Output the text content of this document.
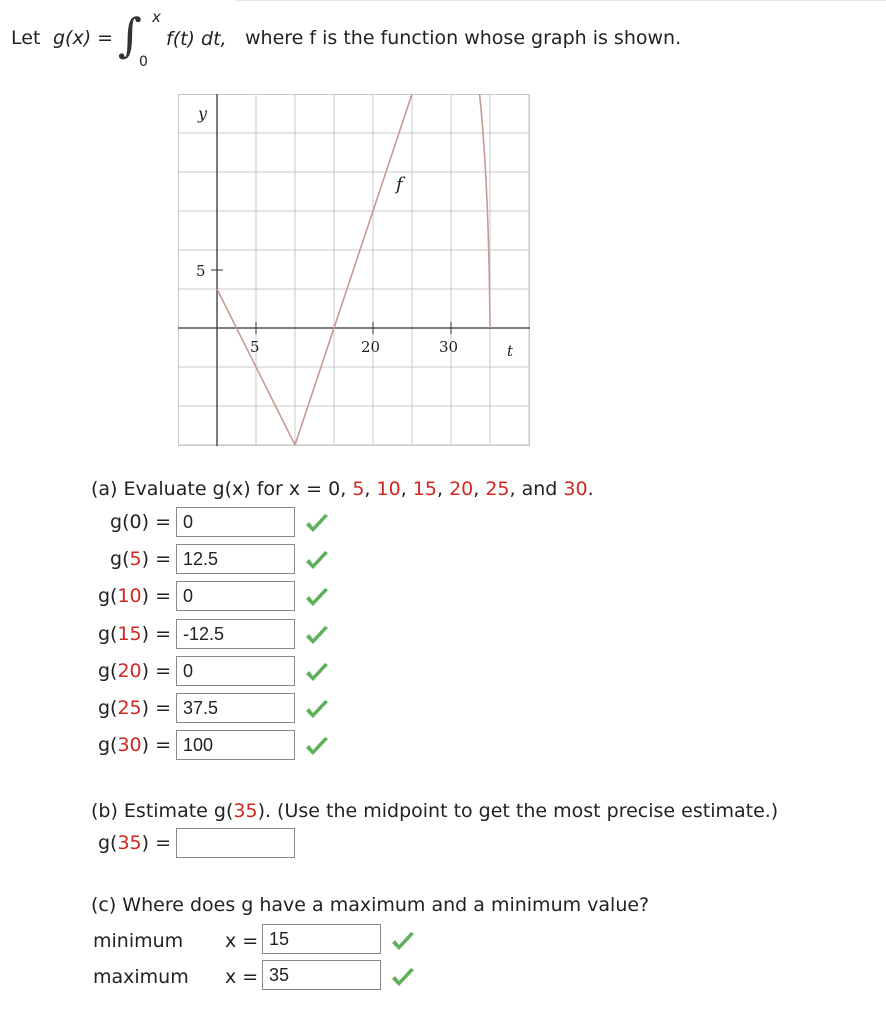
Let g(x) = ∫ x
0
f(t) dt, where f is the function whose graph is shown.
y
t
f
5
5	20	30
(a) Evaluate g(x) for x = 0, 5, 10, 15, 20, 25, and 30.
g(0) = 0
g(5) = 12.5
g(10) = 0
g(15) = -12.5
g(20) = 0
g(25) = 37.5
g(30) = 100
(b) Estimate g(35). (Use the midpoint to get the most precise estimate.)
g(35) =
(c) Where does g have a maximum and a minimum value?
minimum x = 15
maximum x = 35
